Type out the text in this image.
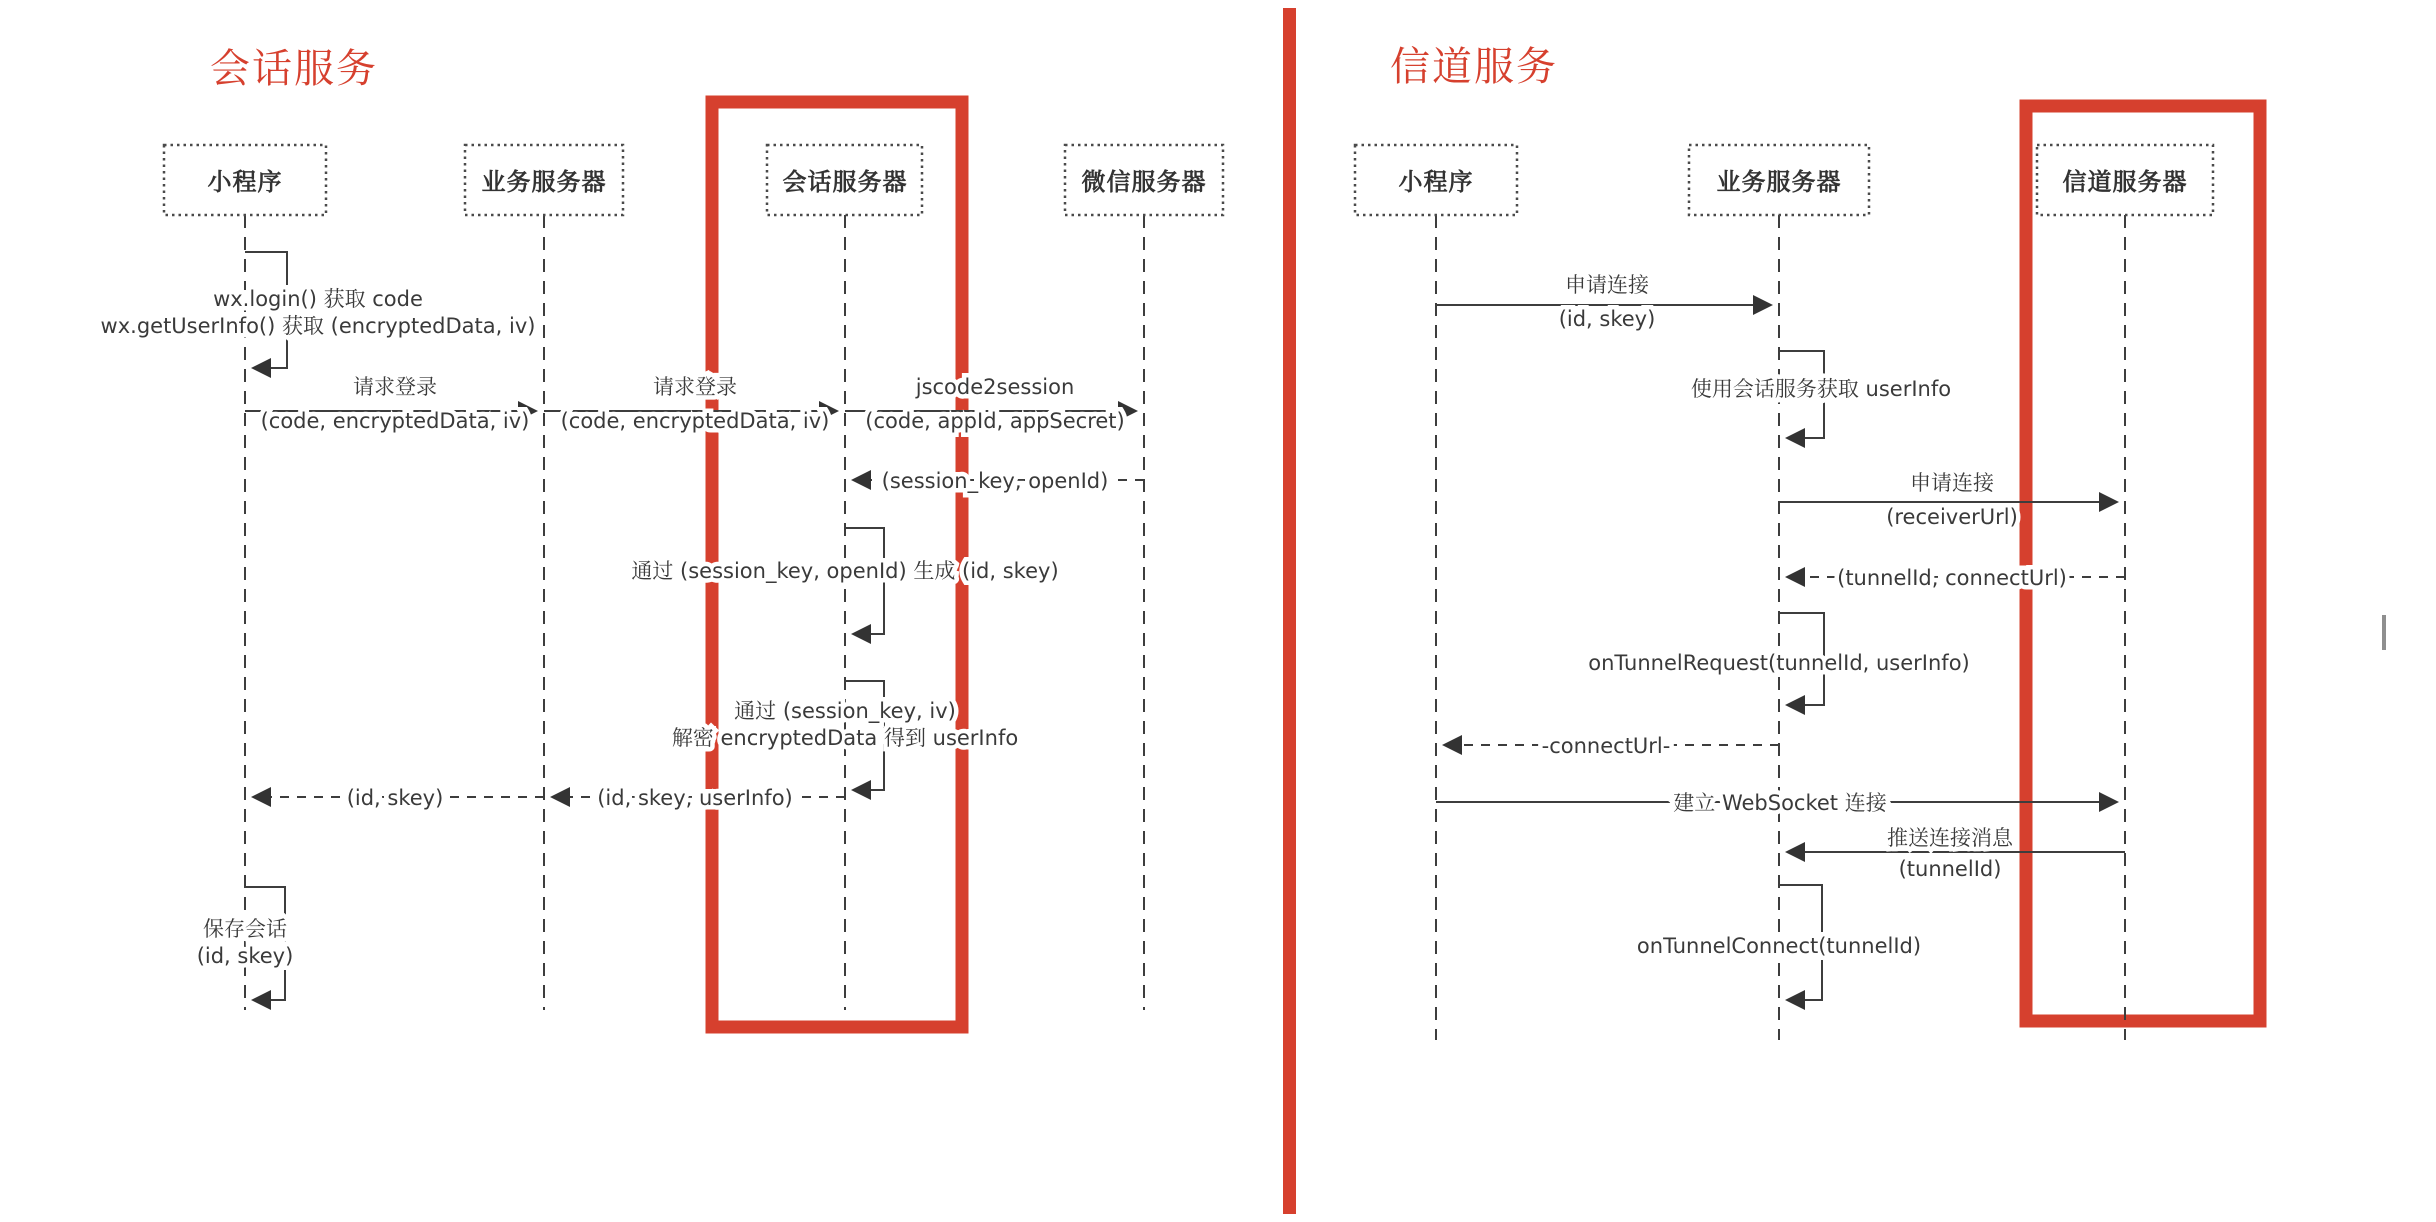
会话服务
小程序	业务服务器	会话服务器	微信服务器
wx.login() 获取 code
wx.getUserInfo() 获取 (encryptedData, iv)
请求登录
(code, encryptedData, iv)
请求登录
(code, encryptedData, iv)
jscode2session
(code, appId, appSecret)
(session_key, openId)
通过 (session_key, openId) 生成 (id, skey)
通过 (session_key, iv)
解密 encryptedData 得到 userInfo
(id, skey, userInfo)
(id, skey)
保存会话
(id, skey)
信道服务
小程序	业务服务器	信道服务器
申请连接
(id, skey)
使用会话服务获取 userInfo
申请连接
(receiverUrl)
(tunnelId, connectUrl)
onTunnelRequest(tunnelId, userInfo)
-connectUrl-
建立 WebSocket 连接
推送连接消息
(tunnelId)
onTunnelConnect(tunnelId)
